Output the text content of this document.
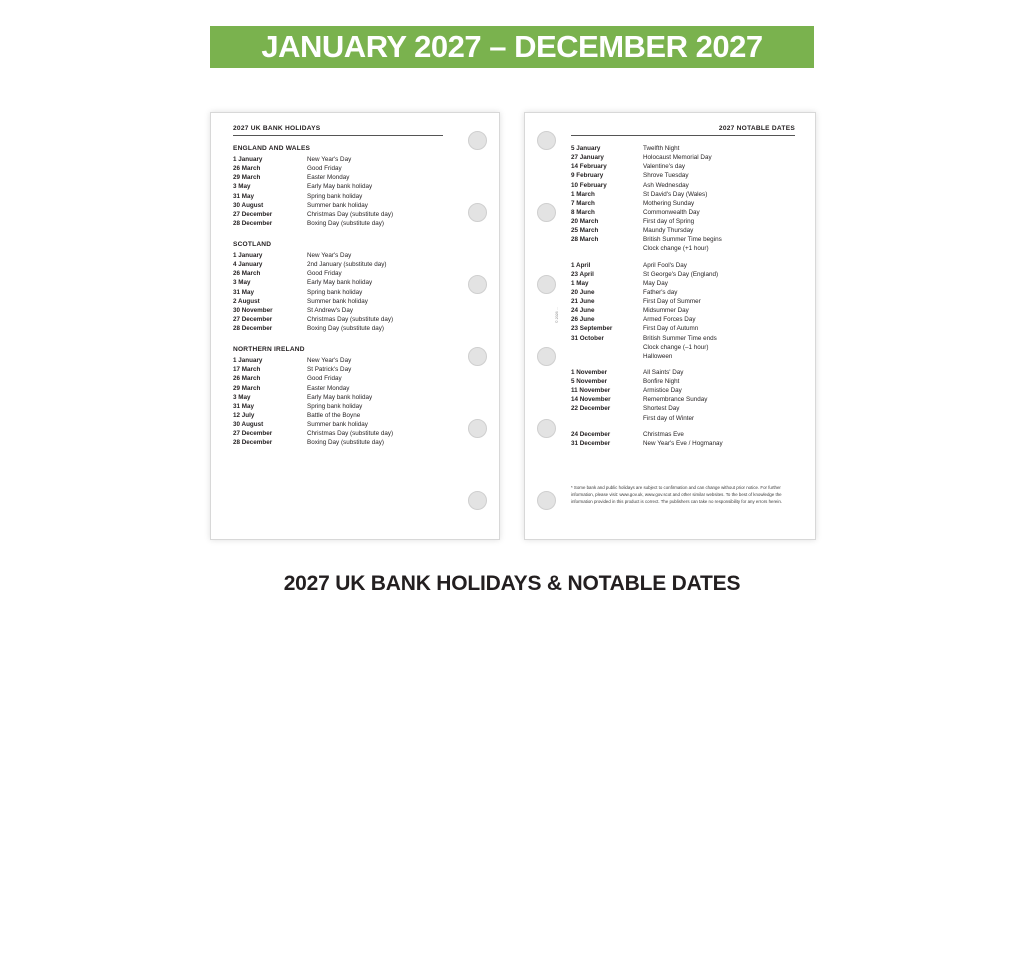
JANUARY 2027 – DECEMBER 2027
2027 UK BANK HOLIDAYS
ENGLAND AND WALES
1 January	New Year's Day
26 March	Good Friday
29 March	Easter Monday
3 May	Early May bank holiday
31 May	Spring bank holiday
30 August	Summer bank holiday
27 December	Christmas Day (substitute day)
28 December	Boxing Day (substitute day)
SCOTLAND
1 January	New Year's Day
4 January	2nd January (substitute day)
26 March	Good Friday
3 May	Early May bank holiday
31 May	Spring bank holiday
2 August	Summer bank holiday
30 November	St Andrew's Day
27 December	Christmas Day (substitute day)
28 December	Boxing Day (substitute day)
NORTHERN IRELAND
1 January	New Year's Day
17 March	St Patrick's Day
26 March	Good Friday
29 March	Easter Monday
3 May	Early May bank holiday
31 May	Spring bank holiday
12 July	Battle of the Boyne
30 August	Summer bank holiday
27 December	Christmas Day (substitute day)
28 December	Boxing Day (substitute day)
© 2026 ...
2027 NOTABLE DATES
5 January	Twelfth Night
27 January	Holocaust Memorial Day
14 February	Valentine's day
9 February	Shrove Tuesday
10 February	Ash Wednesday
1 March	St David's Day (Wales)
7 March	Mothering Sunday
8 March	Commonwealth Day
20 March	First day of Spring
25 March	Maundy Thursday
28 March	British Summer Time begins
	Clock change (+1 hour)
1 April	April Fool's Day
23 April	St George's Day (England)
1 May	May Day
20 June	Father's day
21 June	First Day of Summer
24 June	Midsummer Day
26 June	Armed Forces Day
23 September	First Day of Autumn
31 October	British Summer Time ends
	Clock change (–1 hour)
	Halloween
1 November	All Saints' Day
5 November	Bonfire Night
11 November	Armistice Day
14 November	Remembrance Sunday
22 December	Shortest Day
	First day of Winter
24 December	Christmas Eve
31 December	New Year's Eve / Hogmanay
* Some bank and public holidays are subject to confirmation and can change without prior notice. For further information, please visit: www.gov.uk, www.gov.scot and other similar websites. To the best of knowledge the information provided in this product is correct. The publishers can take no responsibility for any errors herein.
2027 UK BANK HOLIDAYS & NOTABLE DATES
